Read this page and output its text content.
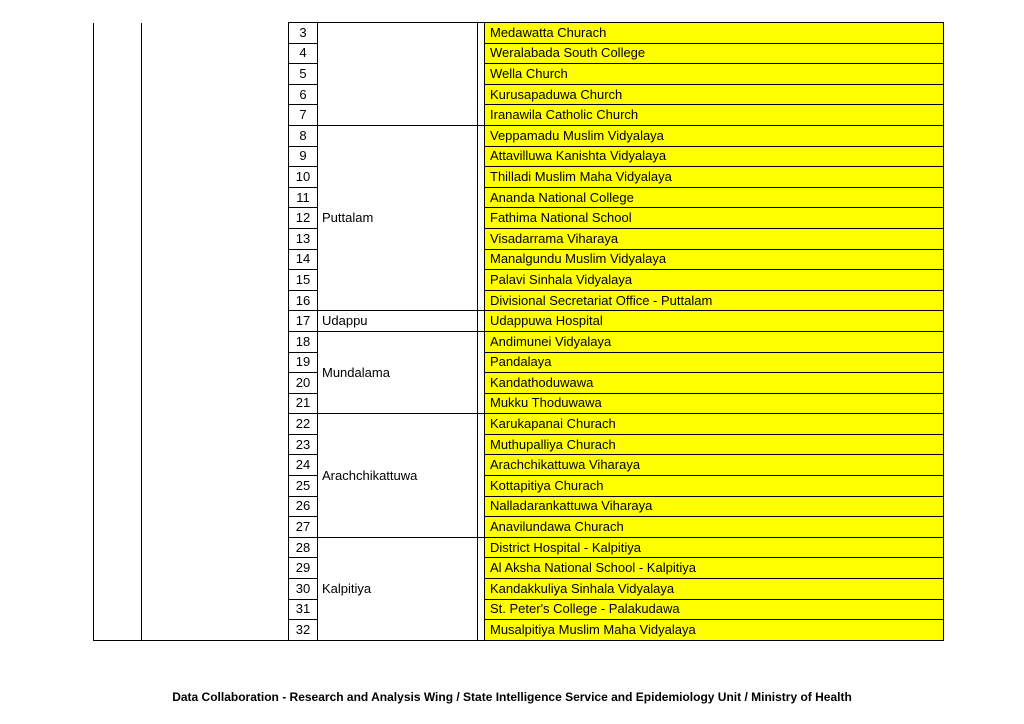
		3			Medawatta Churach
		4			Weralabada South College
		5			Wella Church
		6			Kurusapaduwa Church
		7			Iranawila Catholic Church
		8	Puttalam		Veppamadu Muslim Vidyalaya
		9			Attavilluwa Kanishta Vidyalaya
		10			Thilladi Muslim Maha Vidyalaya
		11			Ananda National College
		12			Fathima National School
		13			Visadarrama Viharaya
		14			Manalgundu Muslim Vidyalaya
		15			Palavi Sinhala Vidyalaya
		16			Divisional Secretariat Office - Puttalam
		17	Udappu		Udappuwa Hospital
		18	Mundalama		Andimunei Vidyalaya
		19			Pandalaya
		20			Kandathoduwawa
		21			Mukku Thoduwawa
		22	Arachchikattuwa		Karukapanai Churach
		23			Muthupalliya Churach
		24			Arachchikattuwa Viharaya
		25			Kottapitiya Churach
		26			Nalladarankattuwa Viharaya
		27			Anavilundawa Churach
		28	Kalpitiya		District Hospital - Kalpitiya
		29			Al Aksha National School - Kalpitiya
		30			Kandakkuliya Sinhala Vidyalaya
		31			St. Peter's College - Palakudawa
		32			Musalpitiya Muslim Maha Vidyalaya
Data Collaboration - Research and Analysis Wing / State Intelligence Service and Epidemiology Unit / Ministry of Health
